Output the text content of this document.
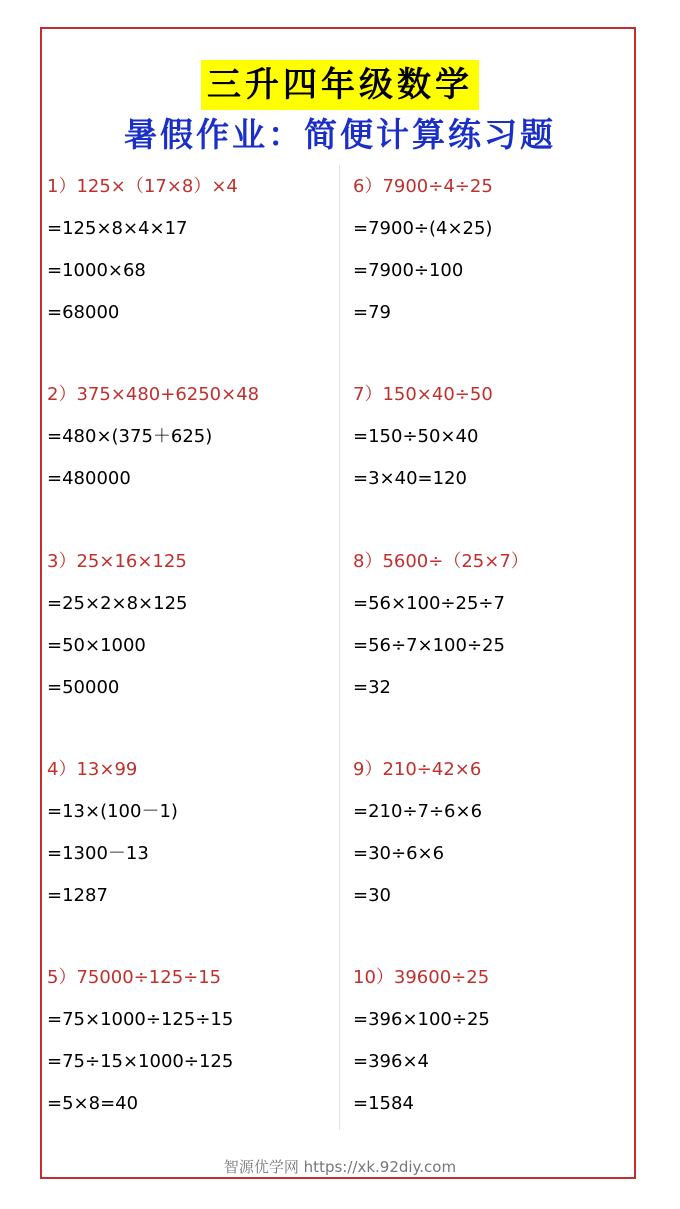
三升四年级数学
暑假作业：简便计算练习题
1）125×（17×8）×4
=125×8×4×17
=1000×68
=68000
2）375×480+6250×48
=480×(375＋625)
=480000
3）25×16×125
=25×2×8×125
=50×1000
=50000
4）13×99
=13×(100－1)
=1300－13
=1287
5）75000÷125÷15
=75×1000÷125÷15
=75÷15×1000÷125
=5×8=40
6）7900÷4÷25
=7900÷(4×25)
=7900÷100
=79
7）150×40÷50
=150÷50×40
=3×40=120
8）5600÷（25×7）
=56×100÷25÷7
=56÷7×100÷25
=32
9）210÷42×6
=210÷7÷6×6
=30÷6×6
=30
10）39600÷25
=396×100÷25
=396×4
=1584
智源优学网 https://xk.92diy.com
